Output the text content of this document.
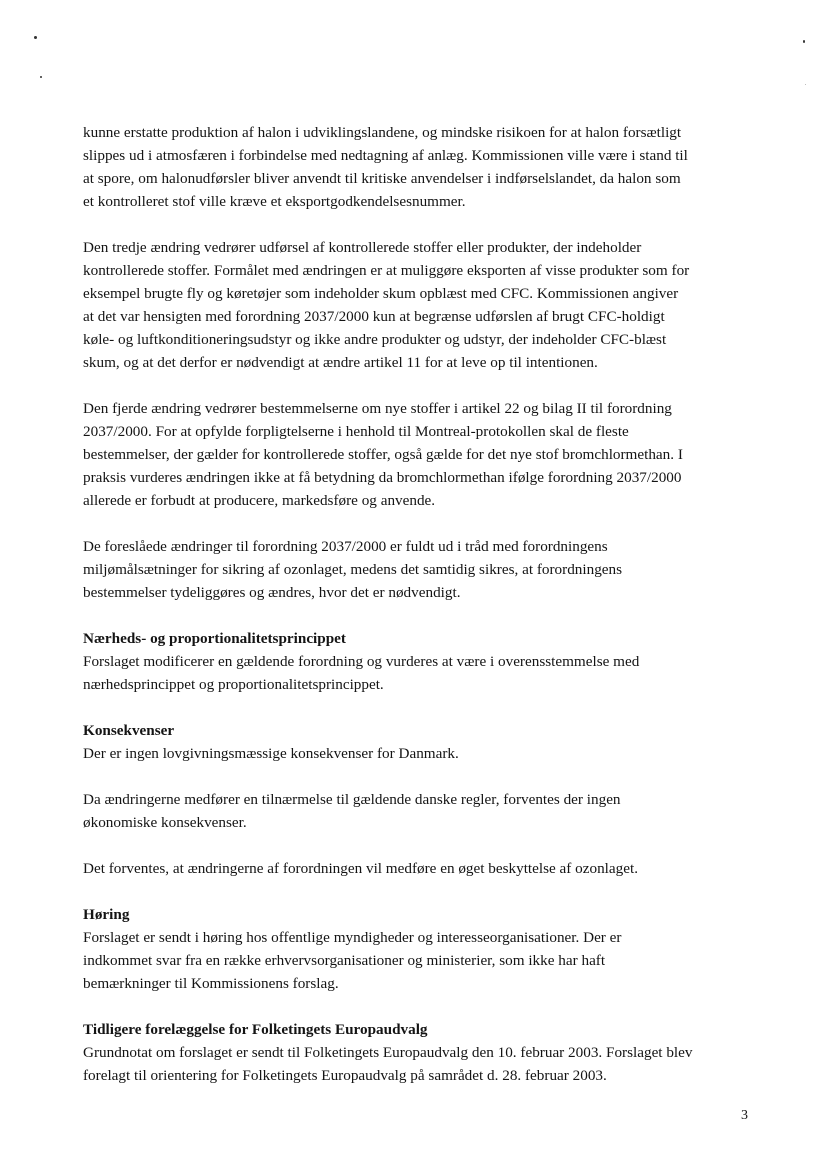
kunne erstatte produktion af halon i udviklingslandene, og mindske risikoen for at halon forsætligt
slippes ud i atmosfæren i forbindelse med nedtagning af anlæg. Kommissionen ville være i stand til
at spore, om halonudførsler bliver anvendt til kritiske anvendelser i indførselslandet, da halon som
et kontrolleret stof ville kræve et eksportgodkendelsesnummer.
Den tredje ændring vedrører udførsel af kontrollerede stoffer eller produkter, der indeholder
kontrollerede stoffer. Formålet med ændringen er at muliggøre eksporten af visse produkter som for
eksempel brugte fly og køretøjer som indeholder skum opblæst med CFC. Kommissionen angiver
at det var hensigten med forordning 2037/2000 kun at begrænse udførslen af brugt CFC-holdigt
køle- og luftkonditioneringsudstyr og ikke andre produkter og udstyr, der indeholder CFC-blæst
skum, og at det derfor er nødvendigt at ændre artikel 11 for at leve op til intentionen.
Den fjerde ændring vedrører bestemmelserne om nye stoffer i artikel 22 og bilag II til forordning
2037/2000. For at opfylde forpligtelserne i henhold til Montreal-protokollen skal de fleste
bestemmelser, der gælder for kontrollerede stoffer, også gælde for det nye stof bromchlormethan. I
praksis vurderes ændringen ikke at få betydning da bromchlormethan ifølge forordning 2037/2000
allerede er forbudt at producere, markedsføre og anvende.
De foreslåede ændringer til forordning 2037/2000 er fuldt ud i tråd med forordningens
miljømålsætninger for sikring af ozonlaget, medens det samtidig sikres, at forordningens
bestemmelser tydeliggøres og ændres, hvor det er nødvendigt.
Nærheds- og proportionalitetsprincippet
Forslaget modificerer en gældende forordning og vurderes at være i overensstemmelse med
nærhedsprincippet og proportionalitetsprincippet.
Konsekvenser
Der er ingen lovgivningsmæssige konsekvenser for Danmark.
Da ændringerne medfører en tilnærmelse til gældende danske regler, forventes der ingen
økonomiske konsekvenser.
Det forventes, at ændringerne af forordningen vil medføre en øget beskyttelse af ozonlaget.
Høring
Forslaget er sendt i høring hos offentlige myndigheder og interesseorganisationer. Der er
indkommet svar fra en række erhvervsorganisationer og ministerier, som ikke har haft
bemærkninger til Kommissionens forslag.
Tidligere forelæggelse for Folketingets Europaudvalg
Grundnotat om forslaget er sendt til Folketingets Europaudvalg den 10. februar 2003. Forslaget blev
forelagt til orientering for Folketingets Europaudvalg på samrådet d. 28. februar 2003.
3
